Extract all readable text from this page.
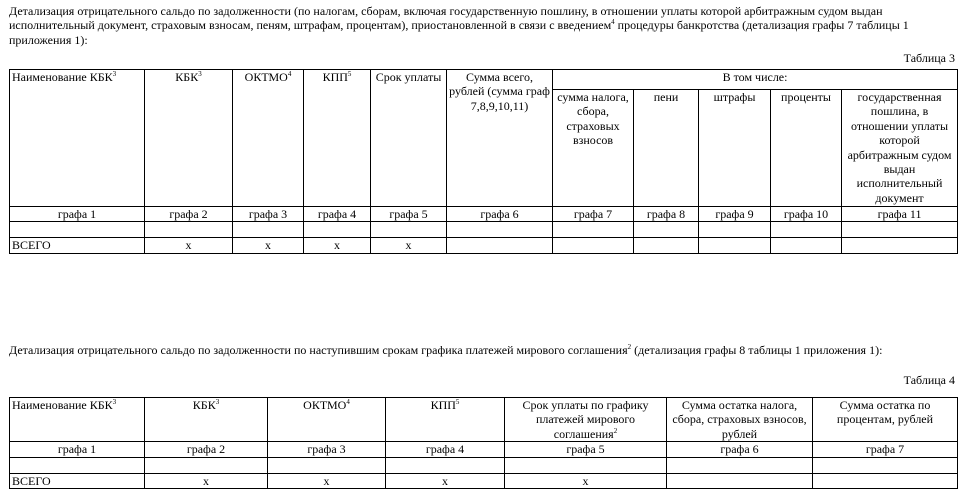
Детализация отрицательного сальдо по задолженности (по налогам, сборам, включая государственную пошлину, в отношении уплаты которой арбитражным судом выдан исполнительный документ, страховым взносам, пеням, штрафам, процентам), приостановленной в связи с введением$^4$ процедуры банкротства (детализация графы 7 таблицы 1 приложения 1):

Таблица 3
Наименование КБК$^3$	КБК$^3$	ОКТМО$^4$	КПП$^5$	Срок уплаты	Сумма всего, рублей (сумма граф 7,8,9,10,11)	В том числе:				
						сумма налога, сбора, страховых взносов	пени	штрафы	проценты	государственная пошлина, в отношении уплаты которой арбитражным судом выдан исполнительный документ
графа 1	графа 2	графа 3	графа 4	графа 5	графа 6	графа 7	графа 8	графа 9	графа 10	графа 11

ВСЕГО	x	x	x	x						

Детализация отрицательного сальдо по задолженности по наступившим срокам графика платежей мирового соглашения$^2$ (детализация графы 8 таблицы 1 приложения 1):

Таблица 4
Наименование КБК$^3$	КБК$^3$	ОКТМО$^4$	КПП$^5$	Срок уплаты по графику платежей мирового соглашения$^2$	Сумма остатка налога, сбора, страховых взносов, рублей	Сумма остатка по процентам, рублей
графа 1	графа 2	графа 3	графа 4	графа 5	графа 6	графа 7

ВСЕГО	x	x	x	x		
